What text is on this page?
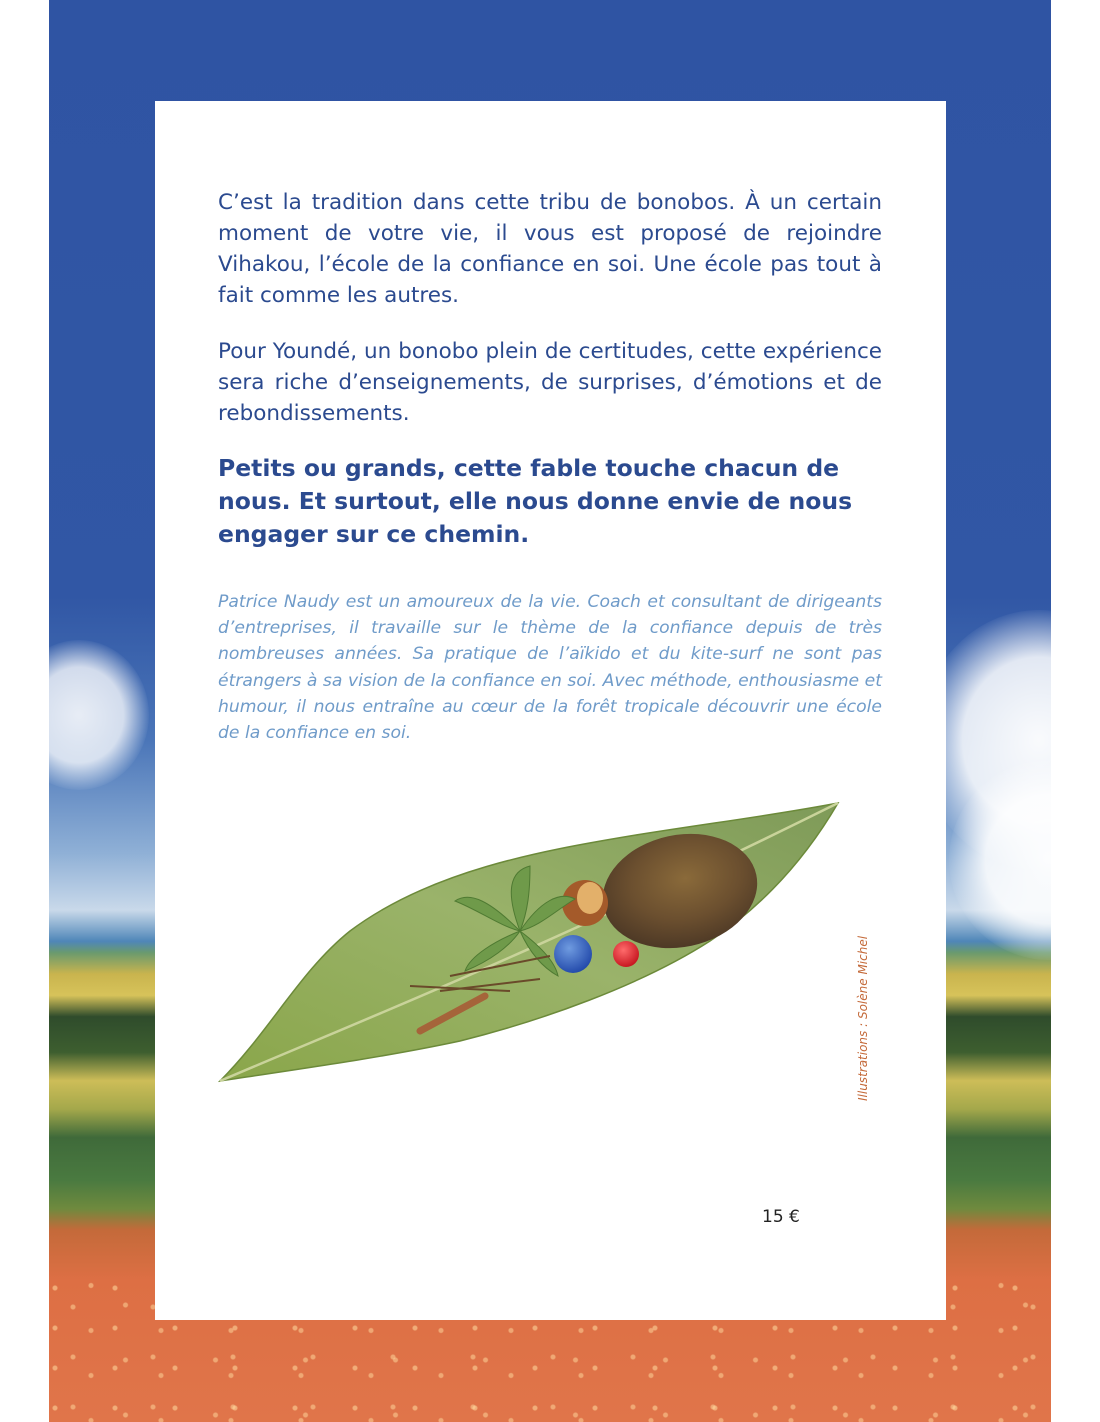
C’est la tradition dans cette tribu de bonobos. À un certain moment de votre vie, il vous est proposé de rejoindre Vihakou, l’école de la confiance en soi. Une école pas tout à fait comme les autres.

Pour Youndé, un bonobo plein de certitudes, cette expérience sera riche d’enseignements, de surprises, d’émotions et de rebondissements.

Petits ou grands, cette fable touche chacun de nous. Et surtout, elle nous donne envie de nous engager sur ce chemin.

Patrice Naudy est un amoureux de la vie. Coach et consultant de dirigeants d’entreprises, il travaille sur le thème de la confiance depuis de très nombreuses années. Sa pratique de l’aïkido et du kite-surf ne sont pas étrangers à sa vision de la confiance en soi. Avec méthode, enthousiasme et humour, il nous entraîne au cœur de la forêt tropicale découvrir une école de la confiance en soi.

Illustrations : Solène Michel
15 €
